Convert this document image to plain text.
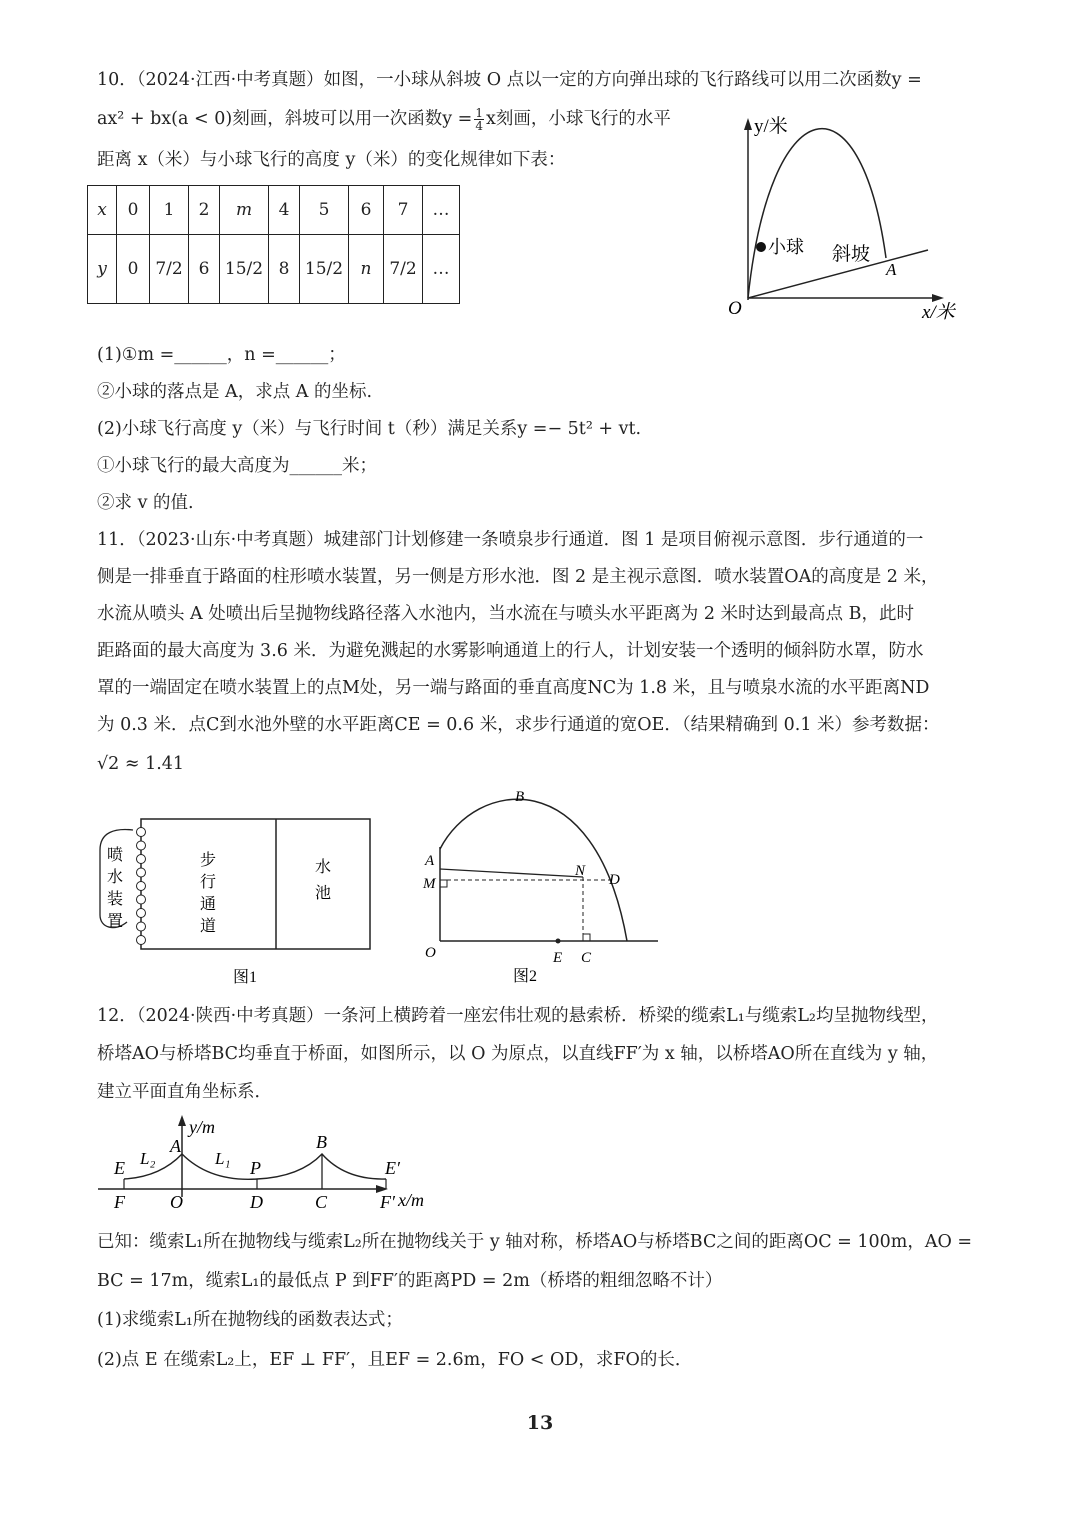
10．（2024·江西·中考真题）如图，一小球从斜坡 O 点以一定的方向弹出球的飞行路线可以用二次函数y =
ax² + bx(a < 0)刻画，斜坡可以用一次函数$y = \frac{1}{4}$ x刻画，小球飞行的水平
距离 x（米）与小球飞行的高度 y（米）的变化规律如下表：
x	0	1	2	m	4	5	6	7	…
y	0	7/2	6	15/2	8	15/2	n	7/2	…
y/米
x/米
O
小球 斜坡
A
(1)①m =______，n =______；
②小球的落点是 A，求点 A 的坐标.
(2)小球飞行高度 y（米）与飞行时间 t（秒）满足关系y =− 5t² + vt.
①小球飞行的最大高度为______米；
②求 v 的值.
11．（2023·山东·中考真题）城建部门计划修建一条喷泉步行通道．图 1 是项目俯视示意图．步行通道的一
侧是一排垂直于路面的柱形喷水装置，另一侧是方形水池．图 2 是主视示意图．喷水装置OA的高度是 2 米，
水流从喷头 A 处喷出后呈抛物线路径落入水池内，当水流在与喷头水平距离为 2 米时达到最高点 B，此时
距路面的最大高度为 3.6 米．为避免溅起的水雾影响通道上的行人，计划安装一个透明的倾斜防水罩，防水
罩的一端固定在喷水装置上的点M处，另一端与路面的垂直高度NC为 1.8 米，且与喷泉水流的水平距离ND
为 0.3 米．点C到水池外壁的水平距离CE = 0.6 米，求步行通道的宽OE．（结果精确到 0.1 米）参考数据：
√2 ≈ 1.41
喷水装置
步行通道
水池
图1
B
A
M
N
D
O	E C
图2
12．（2024·陕西·中考真题）一条河上横跨着一座宏伟壮观的悬索桥．桥梁的缆索L₁与缆索L₂均呈抛物线型，
桥塔AO与桥塔BC均垂直于桥面，如图所示，以 O 为原点，以直线FF′为 x 轴，以桥塔AO所在直线为 y 轴，
建立平面直角坐标系．
y/m
A	B
E L₂	L₁ P	E′
F	O	D	C	F′ x/m
已知：缆索L₁所在抛物线与缆索L₂所在抛物线关于 y 轴对称，桥塔AO与桥塔BC之间的距离OC = 100m，AO =
BC = 17m，缆索L₁的最低点 P 到FF′的距离PD = 2m（桥塔的粗细忽略不计）
(1)求缆索L₁所在抛物线的函数表达式；
(2)点 E 在缆索L₂上，EF ⊥ FF′，且EF = 2.6m，FO < OD，求FO的长．
13
